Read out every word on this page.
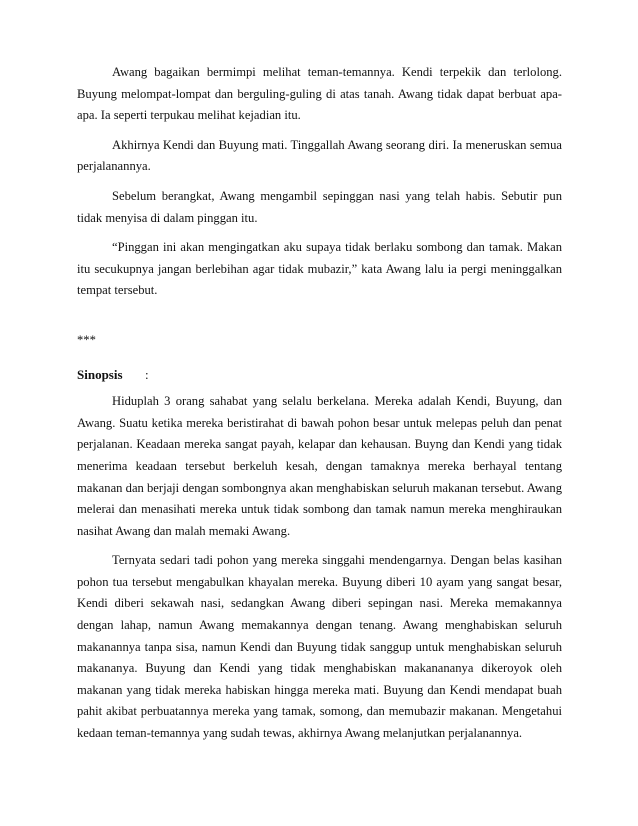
Awang bagaikan bermimpi melihat teman-temannya. Kendi terpekik dan terlolong. Buyung melompat-lompat dan berguling-guling di atas tanah. Awang tidak dapat berbuat apa-apa. Ia seperti terpukau melihat kejadian itu.

Akhirnya Kendi dan Buyung mati. Tinggallah Awang seorang diri. Ia meneruskan semua perjalanannya.

Sebelum berangkat, Awang mengambil sepinggan nasi yang telah habis. Sebutir pun tidak menyisa di dalam pinggan itu.

“Pinggan ini akan mengingatkan aku supaya tidak berlaku sombong dan tamak. Makan itu secukupnya jangan berlebihan agar tidak mubazir,” kata Awang lalu ia pergi meninggalkan tempat tersebut.

***
Sinopsis :

Hiduplah 3 orang sahabat yang selalu berkelana. Mereka adalah Kendi, Buyung, dan Awang. Suatu ketika mereka beristirahat di bawah pohon besar untuk melepas peluh dan penat perjalanan. Keadaan mereka sangat payah, kelapar dan kehausan. Buyng dan Kendi yang tidak menerima keadaan tersebut berkeluh kesah, dengan tamaknya mereka berhayal tentang makanan dan berjaji dengan sombongnya akan menghabiskan seluruh makanan tersebut. Awang melerai dan menasihati mereka untuk tidak sombong dan tamak namun mereka menghiraukan nasihat Awang dan malah memaki Awang.

Ternyata sedari tadi pohon yang mereka singgahi mendengarnya. Dengan belas kasihan pohon tua tersebut mengabulkan khayalan mereka. Buyung diberi 10 ayam yang sangat besar, Kendi diberi sekawah nasi, sedangkan Awang diberi sepingan nasi. Mereka memakannya dengan lahap, namun Awang memakannya dengan tenang. Awang menghabiskan seluruh makanannya tanpa sisa, namun Kendi dan Buyung tidak sanggup untuk menghabiskan seluruh makananya. Buyung dan Kendi yang tidak menghabiskan makanananya dikeroyok oleh makanan yang tidak mereka habiskan hingga mereka mati. Buyung dan Kendi mendapat buah pahit akibat perbuatannya mereka yang tamak, somong, dan memubazir makanan. Mengetahui kedaan teman-temannya yang sudah tewas, akhirnya Awang melanjutkan perjalanannya.
